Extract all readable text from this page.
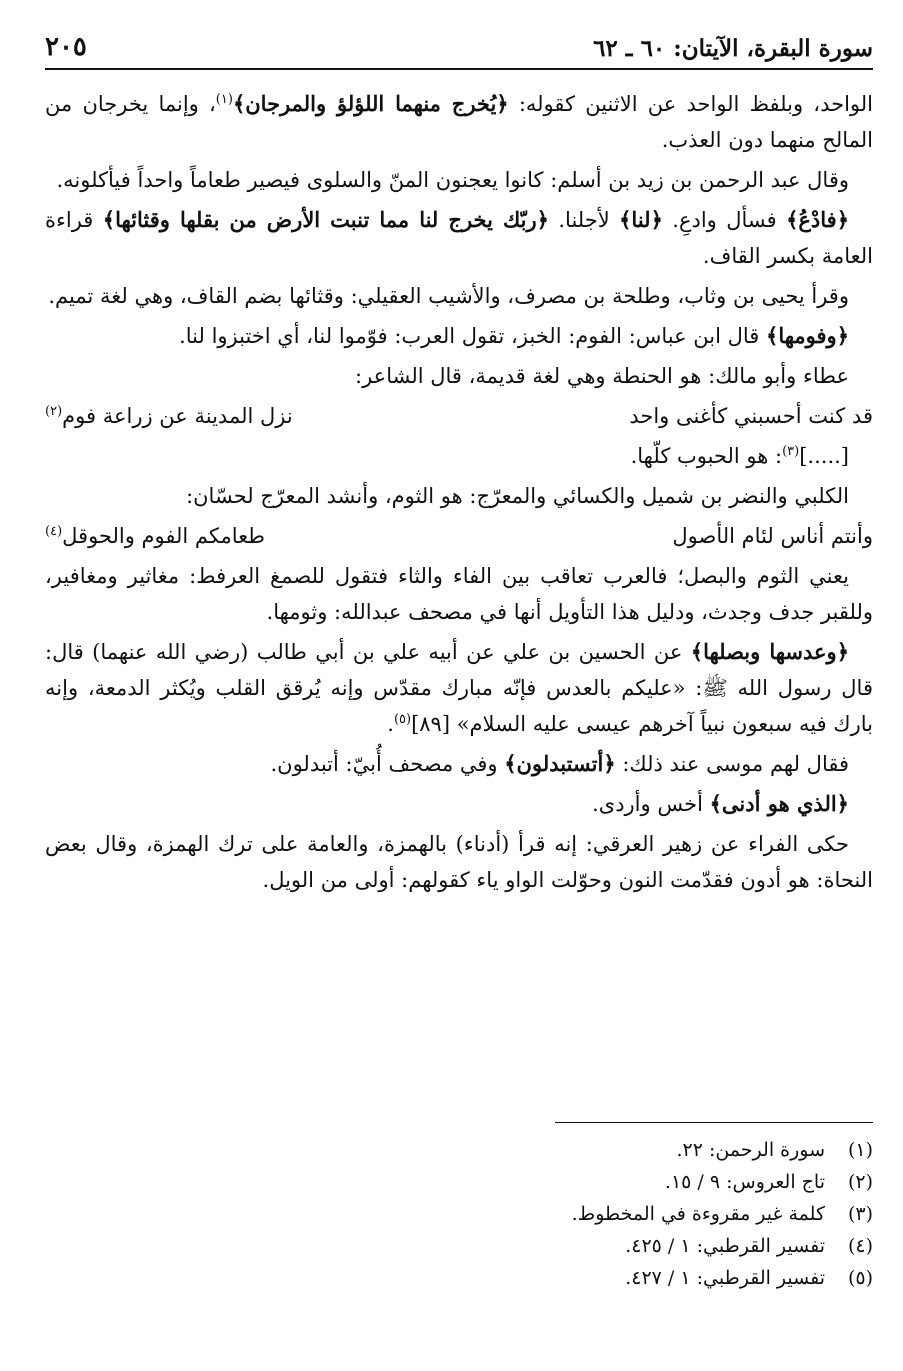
سورة البقرة، الآيتان: ٦٠ ـ ٦٢
٢٠٥

الواحد، وبلفظ الواحد عن الاثنين كقوله: ﴿يُخرج منهما اللؤلؤ والمرجان﴾$^{(١)}$، وإنما يخرجان من المالح منهما دون العذب.

وقال عبد الرحمن بن زيد بن أسلم: كانوا يعجنون المنّ والسلوى فيصير طعاماً واحداً فيأكلونه.

﴿فادْعُ﴾ فسأل وادعِ. ﴿لنا﴾ لأجلنا. ﴿ربّك يخرج لنا مما تنبت الأرض من بقلها وقثائها﴾ قراءة العامة بكسر القاف.

وقرأ يحيى بن وثاب، وطلحة بن مصرف، والأشيب العقيلي: وقثائها بضم القاف، وهي لغة تميم.

﴿وفومها﴾ قال ابن عباس: الفوم: الخبز، تقول العرب: فوّموا لنا، أي اختبزوا لنا.

عطاء وأبو مالك: هو الحنطة وهي لغة قديمة، قال الشاعر:

قد كنت أحسبني كأغنى واحد
نزل المدينة عن زراعة فوم$^{(٢)}$

[.....]$^{(٣)}$: هو الحبوب كلّها.

الكلبي والنضر بن شميل والكسائي والمعرّج: هو الثوم، وأنشد المعرّج لحسّان:

وأنتم أناس لئام الأصول
طعامكم الفوم والحوقل$^{(٤)}$

يعني الثوم والبصل؛ فالعرب تعاقب بين الفاء والثاء فتقول للصمغ العرفط: مغاثير ومغافير، وللقبر جدف وجدث، ودليل هذا التأويل أنها في مصحف عبدالله: وثومها.

﴿وعدسها وبصلها﴾ عن الحسين بن علي عن أبيه علي بن أبي طالب (رضي الله عنهما) قال: قال رسول الله ﷺ: «عليكم بالعدس فإنّه مبارك مقدّس وإنه يُرقق القلب ويُكثر الدمعة، وإنه بارك فيه سبعون نبياً آخرهم عيسى عليه السلام» [٨٩]$^{(٥)}$.

فقال لهم موسى عند ذلك: ﴿أتستبدلون﴾ وفي مصحف أُبيّ: أتبدلون.

﴿الذي هو أدنى﴾ أخس وأردى.

حكى الفراء عن زهير العرقي: إنه قرأ (أدناء) بالهمزة، والعامة على ترك الهمزة، وقال بعض النحاة: هو أدون فقدّمت النون وحوّلت الواو ياء كقولهم: أولى من الويل.

(١)
سورة الرحمن: ٢٢.
(٢)
تاج العروس: ٩ / ١٥.
(٣)
كلمة غير مقروءة في المخطوط.
(٤)
تفسير القرطبي: ١ / ٤٢٥.
(٥)
تفسير القرطبي: ١ / ٤٢٧.
